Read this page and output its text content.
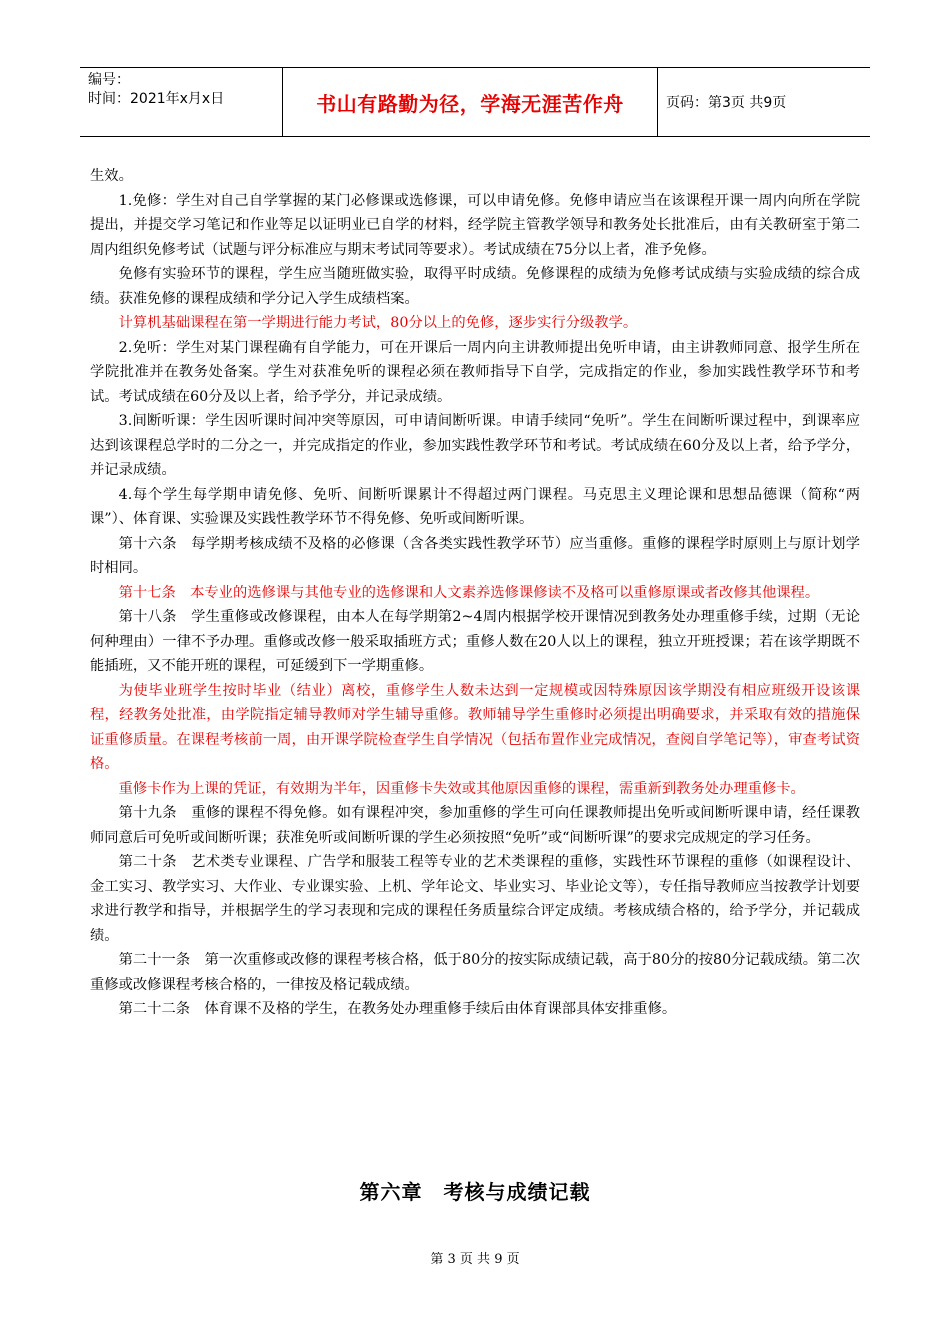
编号：
时间：2021年x月x日	书山有路勤为径，学海无涯苦作舟	页码：第3页 共9页

生效。

1.免修：学生对自己自学掌握的某门必修课或选修课，可以申请免修。免修申请应当在该课程开课一周内向所在学院提出，并提交学习笔记和作业等足以证明业已自学的材料，经学院主管教学领导和教务处长批准后，由有关教研室于第二周内组织免修考试（试题与评分标准应与期末考试同等要求）。考试成绩在75分以上者，准予免修。

免修有实验环节的课程，学生应当随班做实验，取得平时成绩。免修课程的成绩为免修考试成绩与实验成绩的综合成绩。获准免修的课程成绩和学分记入学生成绩档案。

计算机基础课程在第一学期进行能力考试，80分以上的免修，逐步实行分级教学。

2.免听：学生对某门课程确有自学能力，可在开课后一周内向主讲教师提出免听申请，由主讲教师同意、报学生所在学院批准并在教务处备案。学生对获准免听的课程必须在教师指导下自学，完成指定的作业，参加实践性教学环节和考试。考试成绩在60分及以上者，给予学分，并记录成绩。

3.间断听课：学生因听课时间冲突等原因，可申请间断听课。申请手续同“免听”。学生在间断听课过程中，到课率应达到该课程总学时的二分之一，并完成指定的作业，参加实践性教学环节和考试。考试成绩在60分及以上者，给予学分，并记录成绩。

4.每个学生每学期申请免修、免听、间断听课累计不得超过两门课程。马克思主义理论课和思想品德课（简称“两课”）、体育课、实验课及实践性教学环节不得免修、免听或间断听课。

第十六条　每学期考核成绩不及格的必修课（含各类实践性教学环节）应当重修。重修的课程学时原则上与原计划学时相同。

第十七条　本专业的选修课与其他专业的选修课和人文素养选修课修读不及格可以重修原课或者改修其他课程。

第十八条　学生重修或改修课程，由本人在每学期第2~4周内根据学校开课情况到教务处办理重修手续，过期（无论何种理由）一律不予办理。重修或改修一般采取插班方式；重修人数在20人以上的课程，独立开班授课；若在该学期既不能插班，又不能开班的课程，可延缓到下一学期重修。

为使毕业班学生按时毕业（结业）离校，重修学生人数未达到一定规模或因特殊原因该学期没有相应班级开设该课程，经教务处批准，由学院指定辅导教师对学生辅导重修。教师辅导学生重修时必须提出明确要求，并采取有效的措施保证重修质量。在课程考核前一周，由开课学院检查学生自学情况（包括布置作业完成情况，查阅自学笔记等），审查考试资格。

重修卡作为上课的凭证，有效期为半年，因重修卡失效或其他原因重修的课程，需重新到教务处办理重修卡。

第十九条　重修的课程不得免修。如有课程冲突，参加重修的学生可向任课教师提出免听或间断听课申请，经任课教师同意后可免听或间断听课；获准免听或间断听课的学生必须按照“免听”或“间断听课”的要求完成规定的学习任务。

第二十条　艺术类专业课程、广告学和服装工程等专业的艺术类课程的重修，实践性环节课程的重修（如课程设计、金工实习、教学实习、大作业、专业课实验、上机、学年论文、毕业实习、毕业论文等），专任指导教师应当按教学计划要求进行教学和指导，并根据学生的学习表现和完成的课程任务质量综合评定成绩。考核成绩合格的，给予学分，并记载成绩。

第二十一条　第一次重修或改修的课程考核合格，低于80分的按实际成绩记载，高于80分的按80分记载成绩。第二次重修或改修课程考核合格的，一律按及格记载成绩。

第二十二条　体育课不及格的学生，在教务处办理重修手续后由体育课部具体安排重修。

第六章　考核与成绩记载
第 3 页 共 9 页
